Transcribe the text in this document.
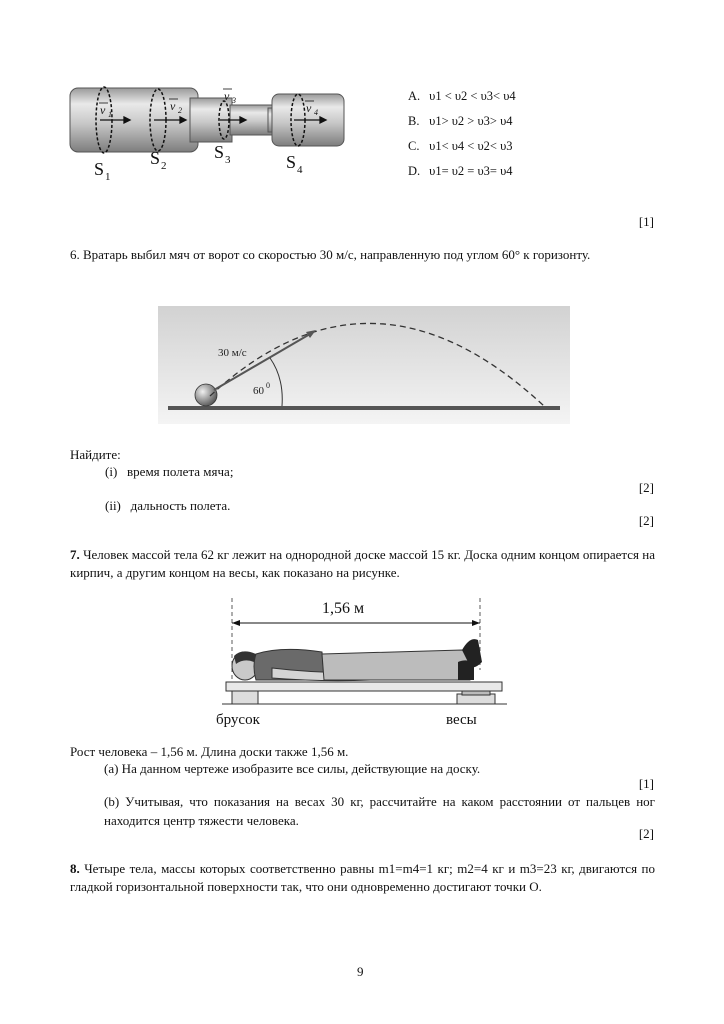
v 1
v 2
v 3
v 4
S 1
S 2
S 3	S 4
A. υ1 < υ2 < υ3< υ4
B. υ1> υ2 > υ3> υ4
C. υ1< υ4 < υ2< υ3
D. υ1= υ2 = υ3= υ4
[1]
6. Вратарь выбил мяч от ворот со скоростью 30 м/с, направленную под углом 60° к горизонту.
30 м/с
60 0
Найдите:
(i) время полета мяча;
[2]
(ii) дальность полета.
[2]
7. Человек массой тела 62 кг лежит на однородной доске массой 15 кг. Доска одним концом опирается на кирпич, а другим концом на весы, как показано на рисунке.
1,56 м
брусок	весы
Рост человека – 1,56 м. Длина доски также 1,56 м.
(a) На данном чертеже изобразите все силы, действующие на доску.
[1]
(b) Учитывая, что показания на весах 30 кг, рассчитайте на каком расстоянии от пальцев ног находится центр тяжести человека.
[2]
8. Четыре тела, массы которых соответственно равны m1=m4=1 кг; m2=4 кг и m3=23 кг, двигаются по гладкой горизонтальной поверхности так, что они одновременно достигают точки О.
9
